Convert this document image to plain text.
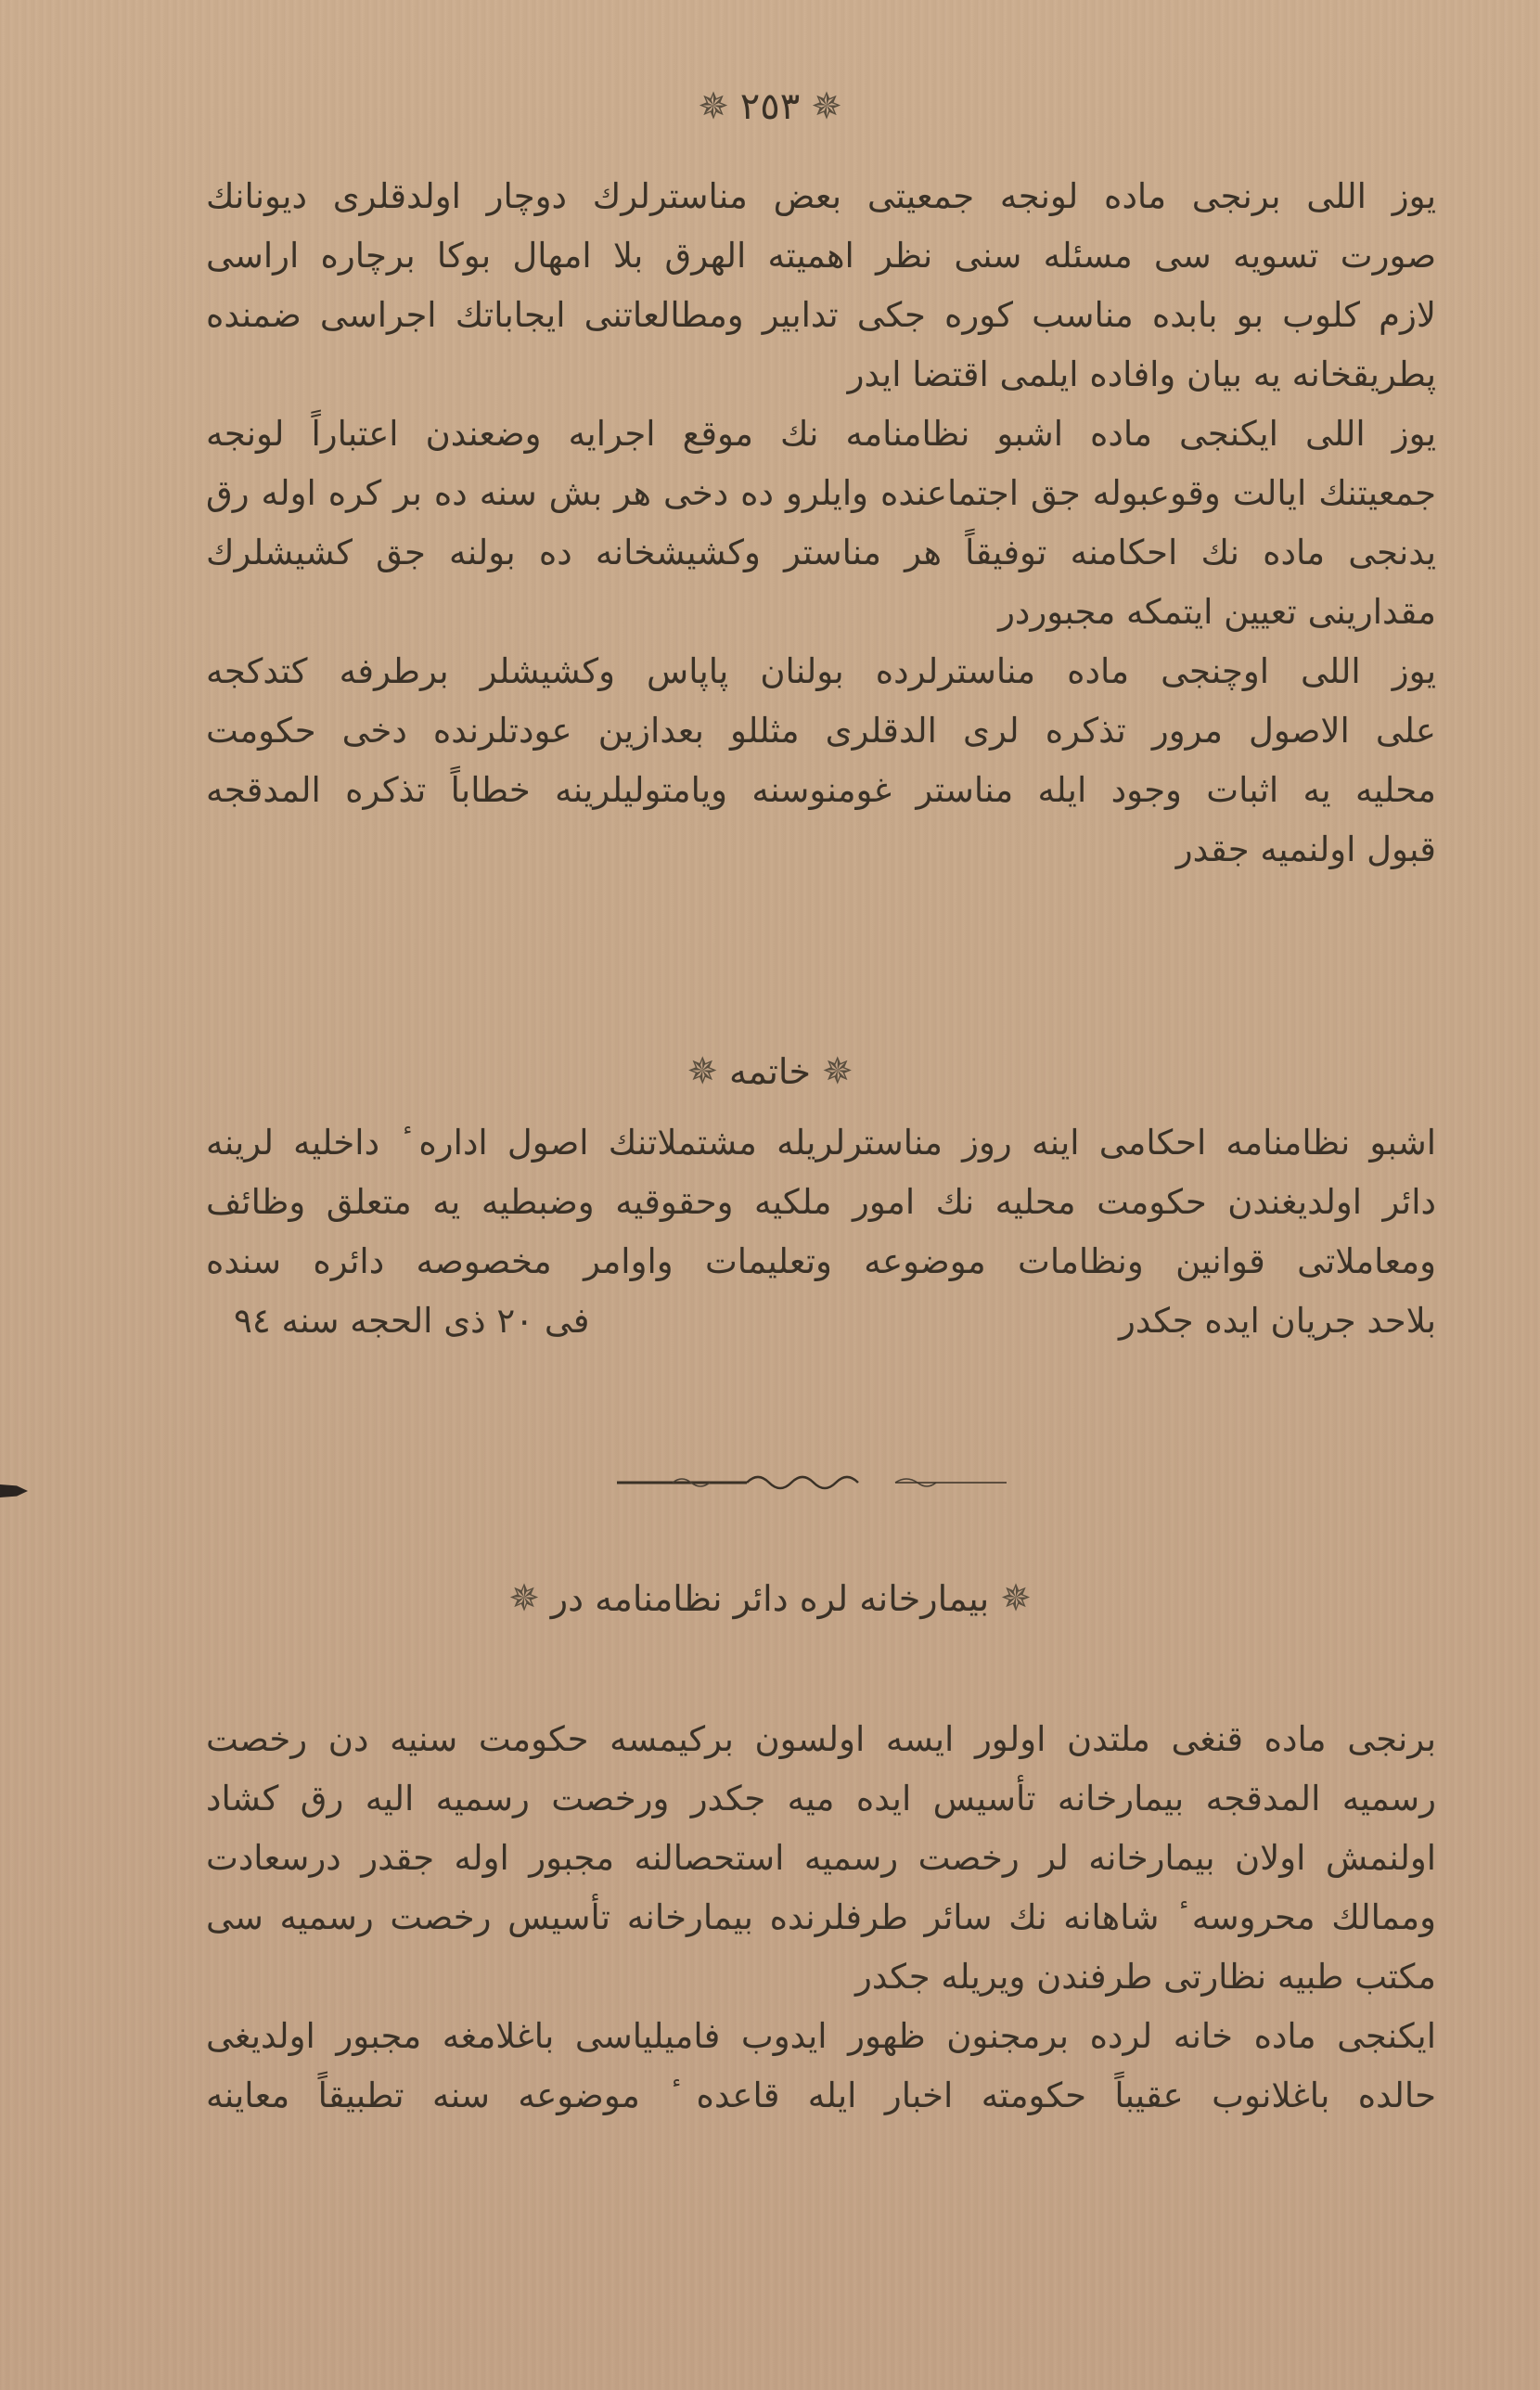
✵ ٢٥٣ ✵
يوز اللى برنجى ماده لونجه جمعيتى بعض مناسترلرك دوچار اولدقلرى ديونانك
صورت تسويه سى مسئله سنى نظر اهميته الهرق بلا امهال بوكا برچاره اراسى
لازم كلوب بو بابده مناسب كوره جكى تدابير ومطالعاتنى ايجاباتك اجراسى ضمنده
پطريقخانه يه بيان وافاده ايلمى اقتضا ايدر
يوز اللى ايكنجى ماده اشبو نظامنامه نك موقع اجرايه وضعندن اعتباراً لونجه
جمعيتنك ايالت وقوعبوله جق اجتماعنده وايلرو ده دخى هر بش سنه ده بر كره اوله رق
يدنجى ماده نك احكامنه توفيقاً هر مناستر وكشيشخانه ده بولنه جق كشيشلرك
مقدارينى تعيين ايتمكه مجبوردر
يوز اللى اوچنجى ماده مناسترلرده بولنان پاپاس وكشيشلر برطرفه كتدكجه
على الاصول مرور تذكره لرى الدقلرى مثللو بعدازين عودتلرنده دخى حكومت
محليه يه اثبات وجود ايله مناستر غومنوسنه ويامتوليلرينه خطاباً تذكره المدقجه
قبول اولنميه جقدر
✵خاتمه✵
اشبو نظامنامه احكامى اينه روز مناسترلريله مشتملاتنك اصول اداره ٔ داخليه لرينه
دائر اولديغندن حكومت محليه نك امور ملكيه وحقوقيه وضبطيه يه متعلق وظائف
ومعاملاتى قوانين ونظامات موضوعه وتعليمات واوامر مخصوصه دائره سنده
بلاحد جريان ايده جكدر
فى ٢٠ ذى الحجه سنه ٩٤
✵بيمارخانه لره دائر نظامنامه در✵
برنجى ماده قنغى ملتدن اولور ايسه اولسون بركيمسه حكومت سنيه دن رخصت
رسميه المدقجه بيمارخانه تأسيس ايده ميه جكدر ورخصت رسميه اليه رق كشاد
اولنمش اولان بيمارخانه لر رخصت رسميه استحصالنه مجبور اوله جقدر درسعادت
وممالك محروسه ٔ شاهانه نك سائر طرفلرنده بيمارخانه تأسيس رخصت رسميه سى
مكتب طبيه نظارتى طرفندن ويريله جكدر
ايكنجى ماده خانه لرده برمجنون ظهور ايدوب فاميلياسى باغلامغه مجبور اولديغى
حالده باغلانوب عقيباً حكومته اخبار ايله قاعده ٔ موضوعه سنه تطبيقاً معاينه
